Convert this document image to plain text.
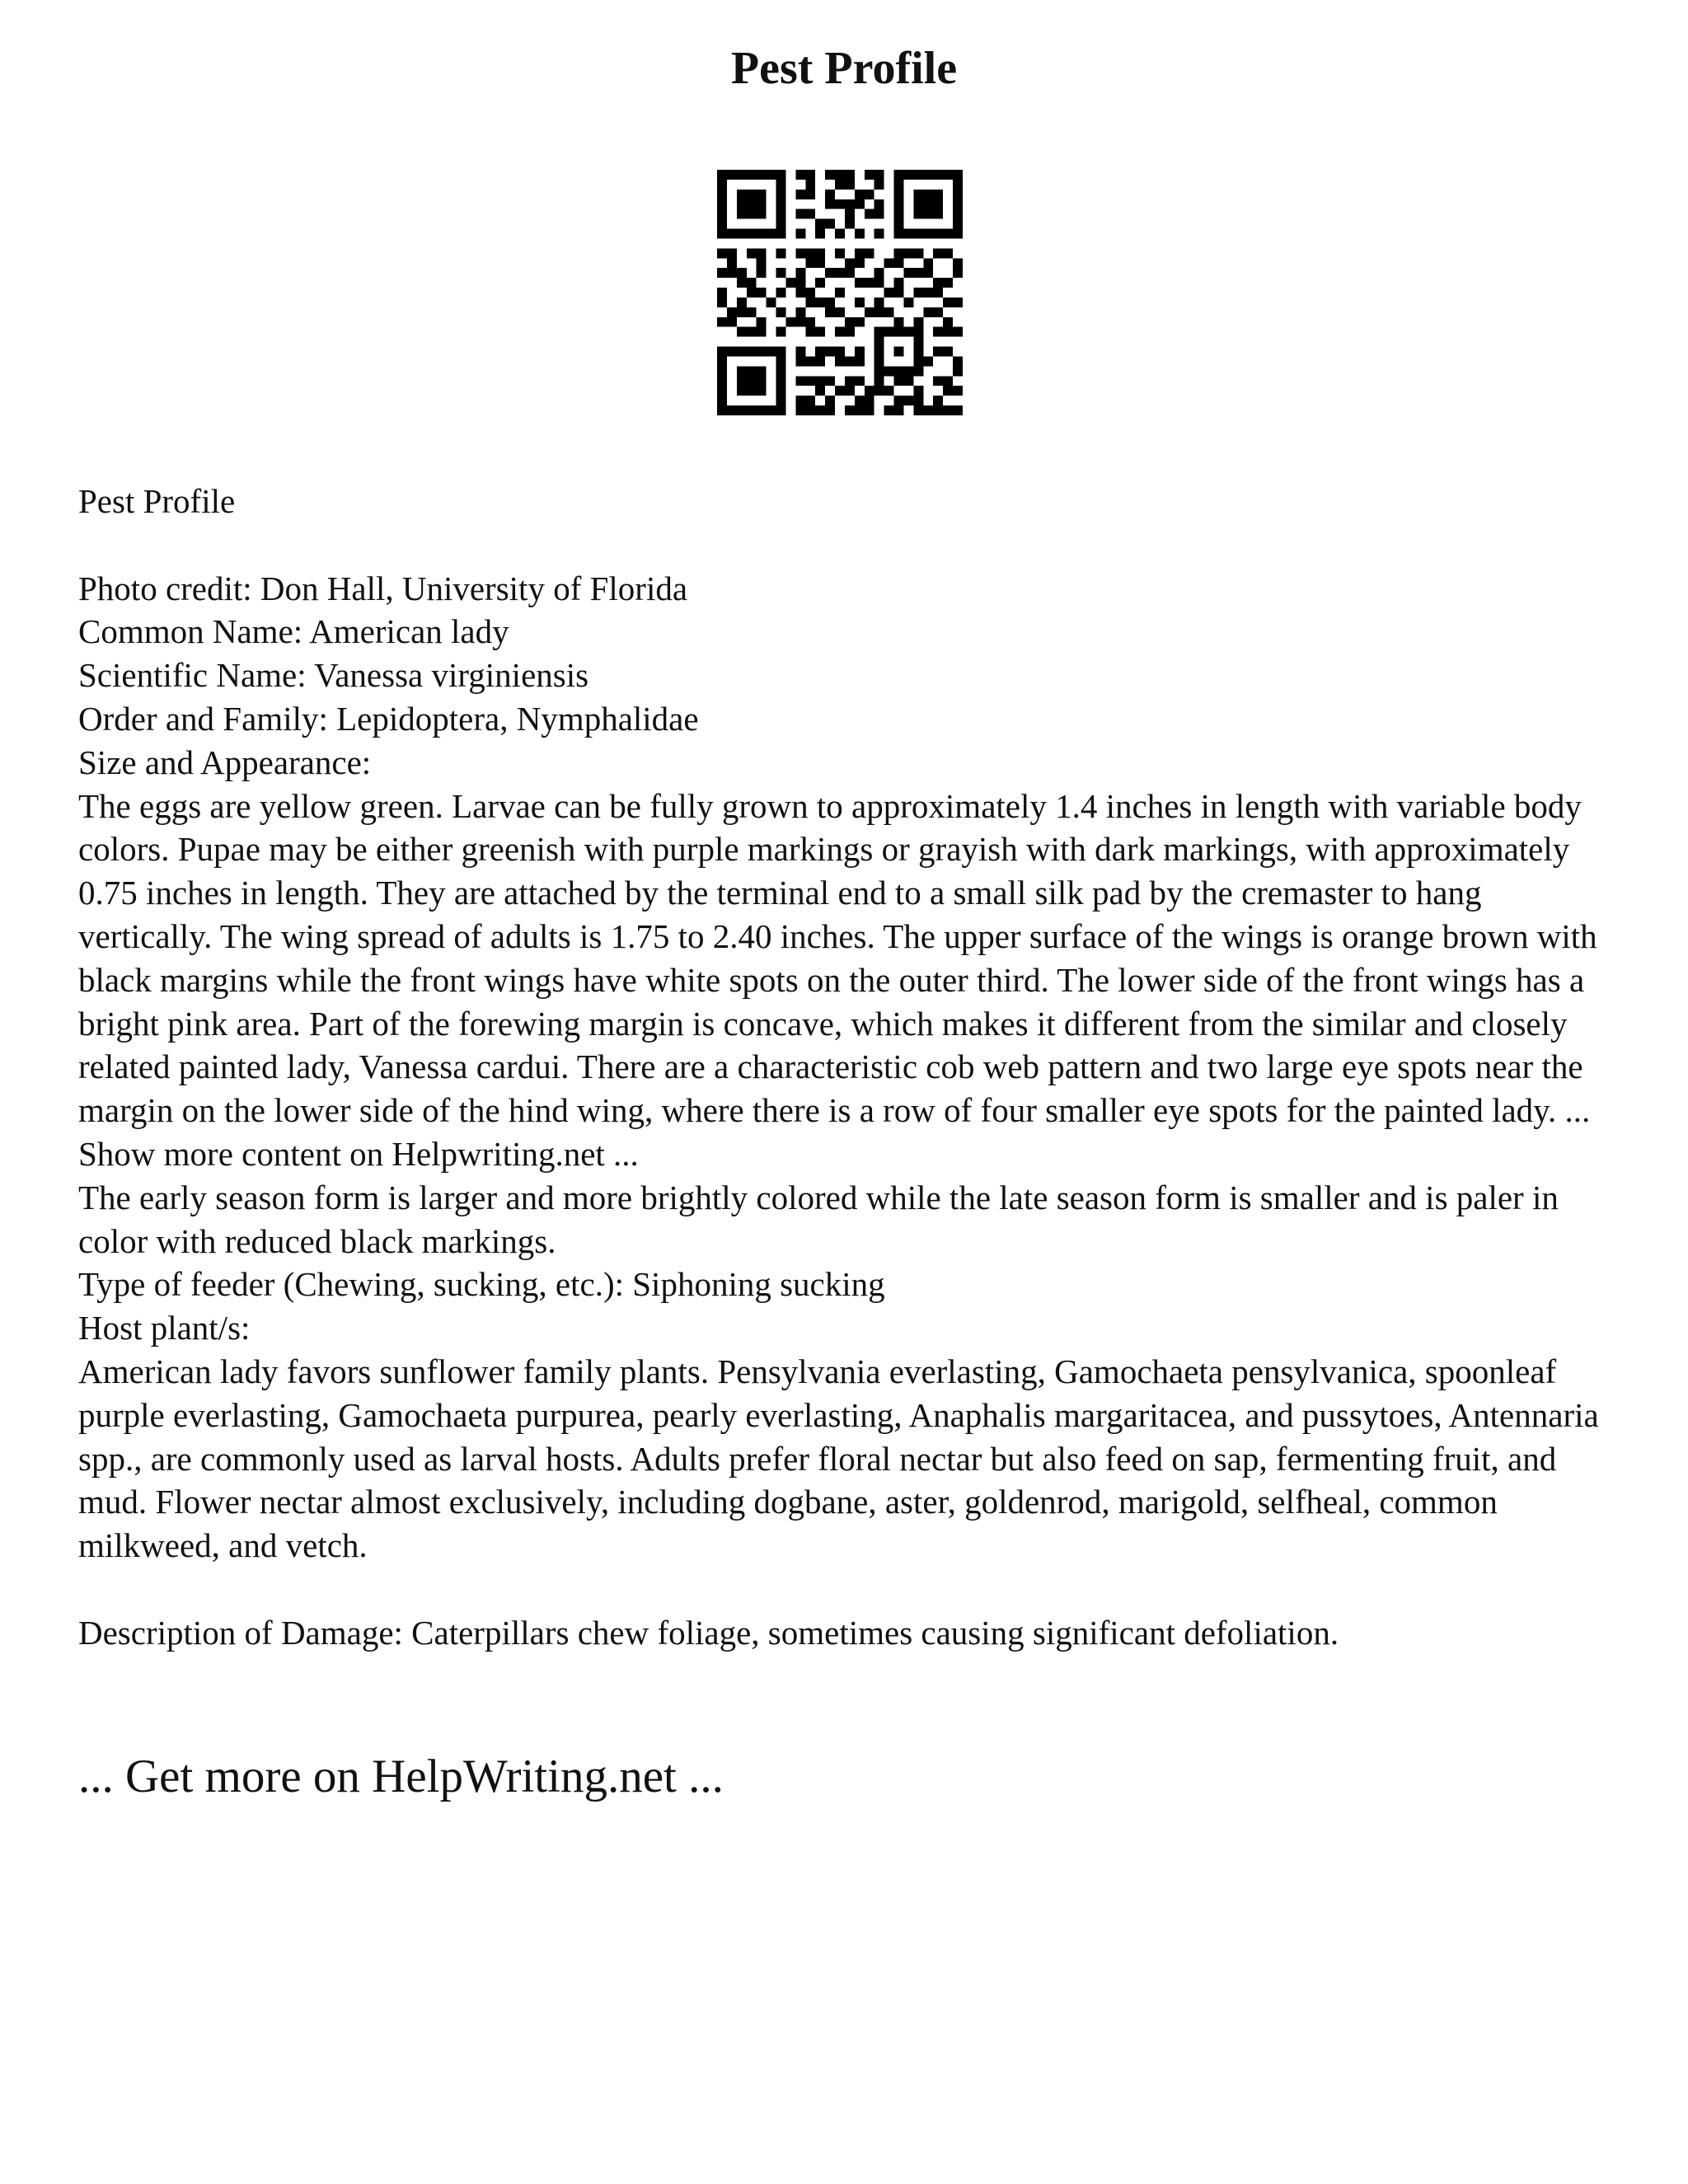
Pest Profile

Pest Profile

Photo credit: Don Hall, University of Florida

Common Name: American lady

Scientific Name: Vanessa virginiensis

Order and Family: Lepidoptera, Nymphalidae

Size and Appearance:

The eggs are yellow green. Larvae can be fully grown to approximately 1.4 inches in length with variable body colors. Pupae may be either greenish with purple markings or grayish with dark markings, with approximately 0.75 inches in length. They are attached by the terminal end to a small silk pad by the cremaster to hang vertically. The wing spread of adults is 1.75 to 2.40 inches. The upper surface of the wings is orange brown with black margins while the front wings have white spots on the outer third. The lower side of the front wings has a bright pink area. Part of the forewing margin is concave, which makes it different from the similar and closely related painted lady, Vanessa cardui. There are a characteristic cob web pattern and two large eye spots near the margin on the lower side of the hind wing, where there is a row of four smaller eye spots for the painted lady. ... Show more content on Helpwriting.net ...

The early season form is larger and more brightly colored while the late season form is smaller and is paler in color with reduced black markings.

Type of feeder (Chewing, sucking, etc.): Siphoning sucking

Host plant/s:

American lady favors sunflower family plants. Pensylvania everlasting, Gamochaeta pensylvanica, spoonleaf purple everlasting, Gamochaeta purpurea, pearly everlasting, Anaphalis margaritacea, and pussytoes, Antennaria spp., are commonly used as larval hosts. Adults prefer floral nectar but also feed on sap, fermenting fruit, and mud. Flower nectar almost exclusively, including dogbane, aster, goldenrod, marigold, selfheal, common milkweed, and vetch.

Description of Damage: Caterpillars chew foliage, sometimes causing significant defoliation.

... Get more on HelpWriting.net ...
